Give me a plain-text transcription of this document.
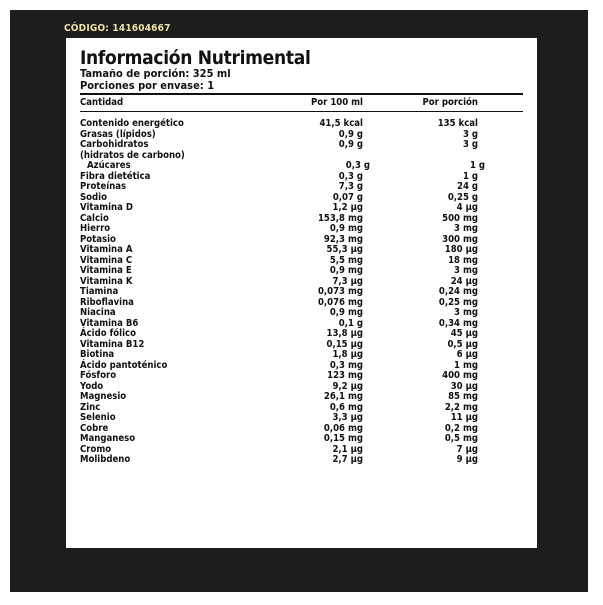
CÓDIGO: 141604667
Información Nutrimental
Tamaño de porción: 325 ml
Porciones por envase: 1
Cantidad	Por 100 ml	Por porción
Contenido energético	41,5 kcal	135 kcal
Grasas (lípidos)	0,9 g	3 g
Carbohidratos	0,9 g	3 g
(hidratos de carbono)
Azúcares	0,3 g	1 g
Fibra dietética	0,3 g	1 g
Proteínas	7,3 g	24 g
Sodio	0,07 g	0,25 g
Vitamina D	1,2 µg	4 µg
Calcio	153,8 mg	500 mg
Hierro	0,9 mg	3 mg
Potasio	92,3 mg	300 mg
Vitamina A	55,3 µg	180 µg
Vitamina C	5,5 mg	18 mg
Vitamina E	0,9 mg	3 mg
Vitamina K	7,3 µg	24 µg
Tiamina	0,073 mg	0,24 mg
Riboflavina	0,076 mg	0,25 mg
Niacina	0,9 mg	3 mg
Vitamina B6	0,1 g	0,34 mg
Ácido fólico	13,8 µg	45 µg
Vitamina B12	0,15 µg	0,5 µg
Biotina	1,8 µg	6 µg
Ácido pantoténico	0,3 mg	1 mg
Fósforo	123 mg	400 mg
Yodo	9,2 µg	30 µg
Magnesio	26,1 mg	85 mg
Zinc	0,6 mg	2,2 mg
Selenio	3,3 µg	11 µg
Cobre	0,06 mg	0,2 mg
Manganeso	0,15 mg	0,5 mg
Cromo	2,1 µg	7 µg
Molibdeno	2,7 µg	9 µg
